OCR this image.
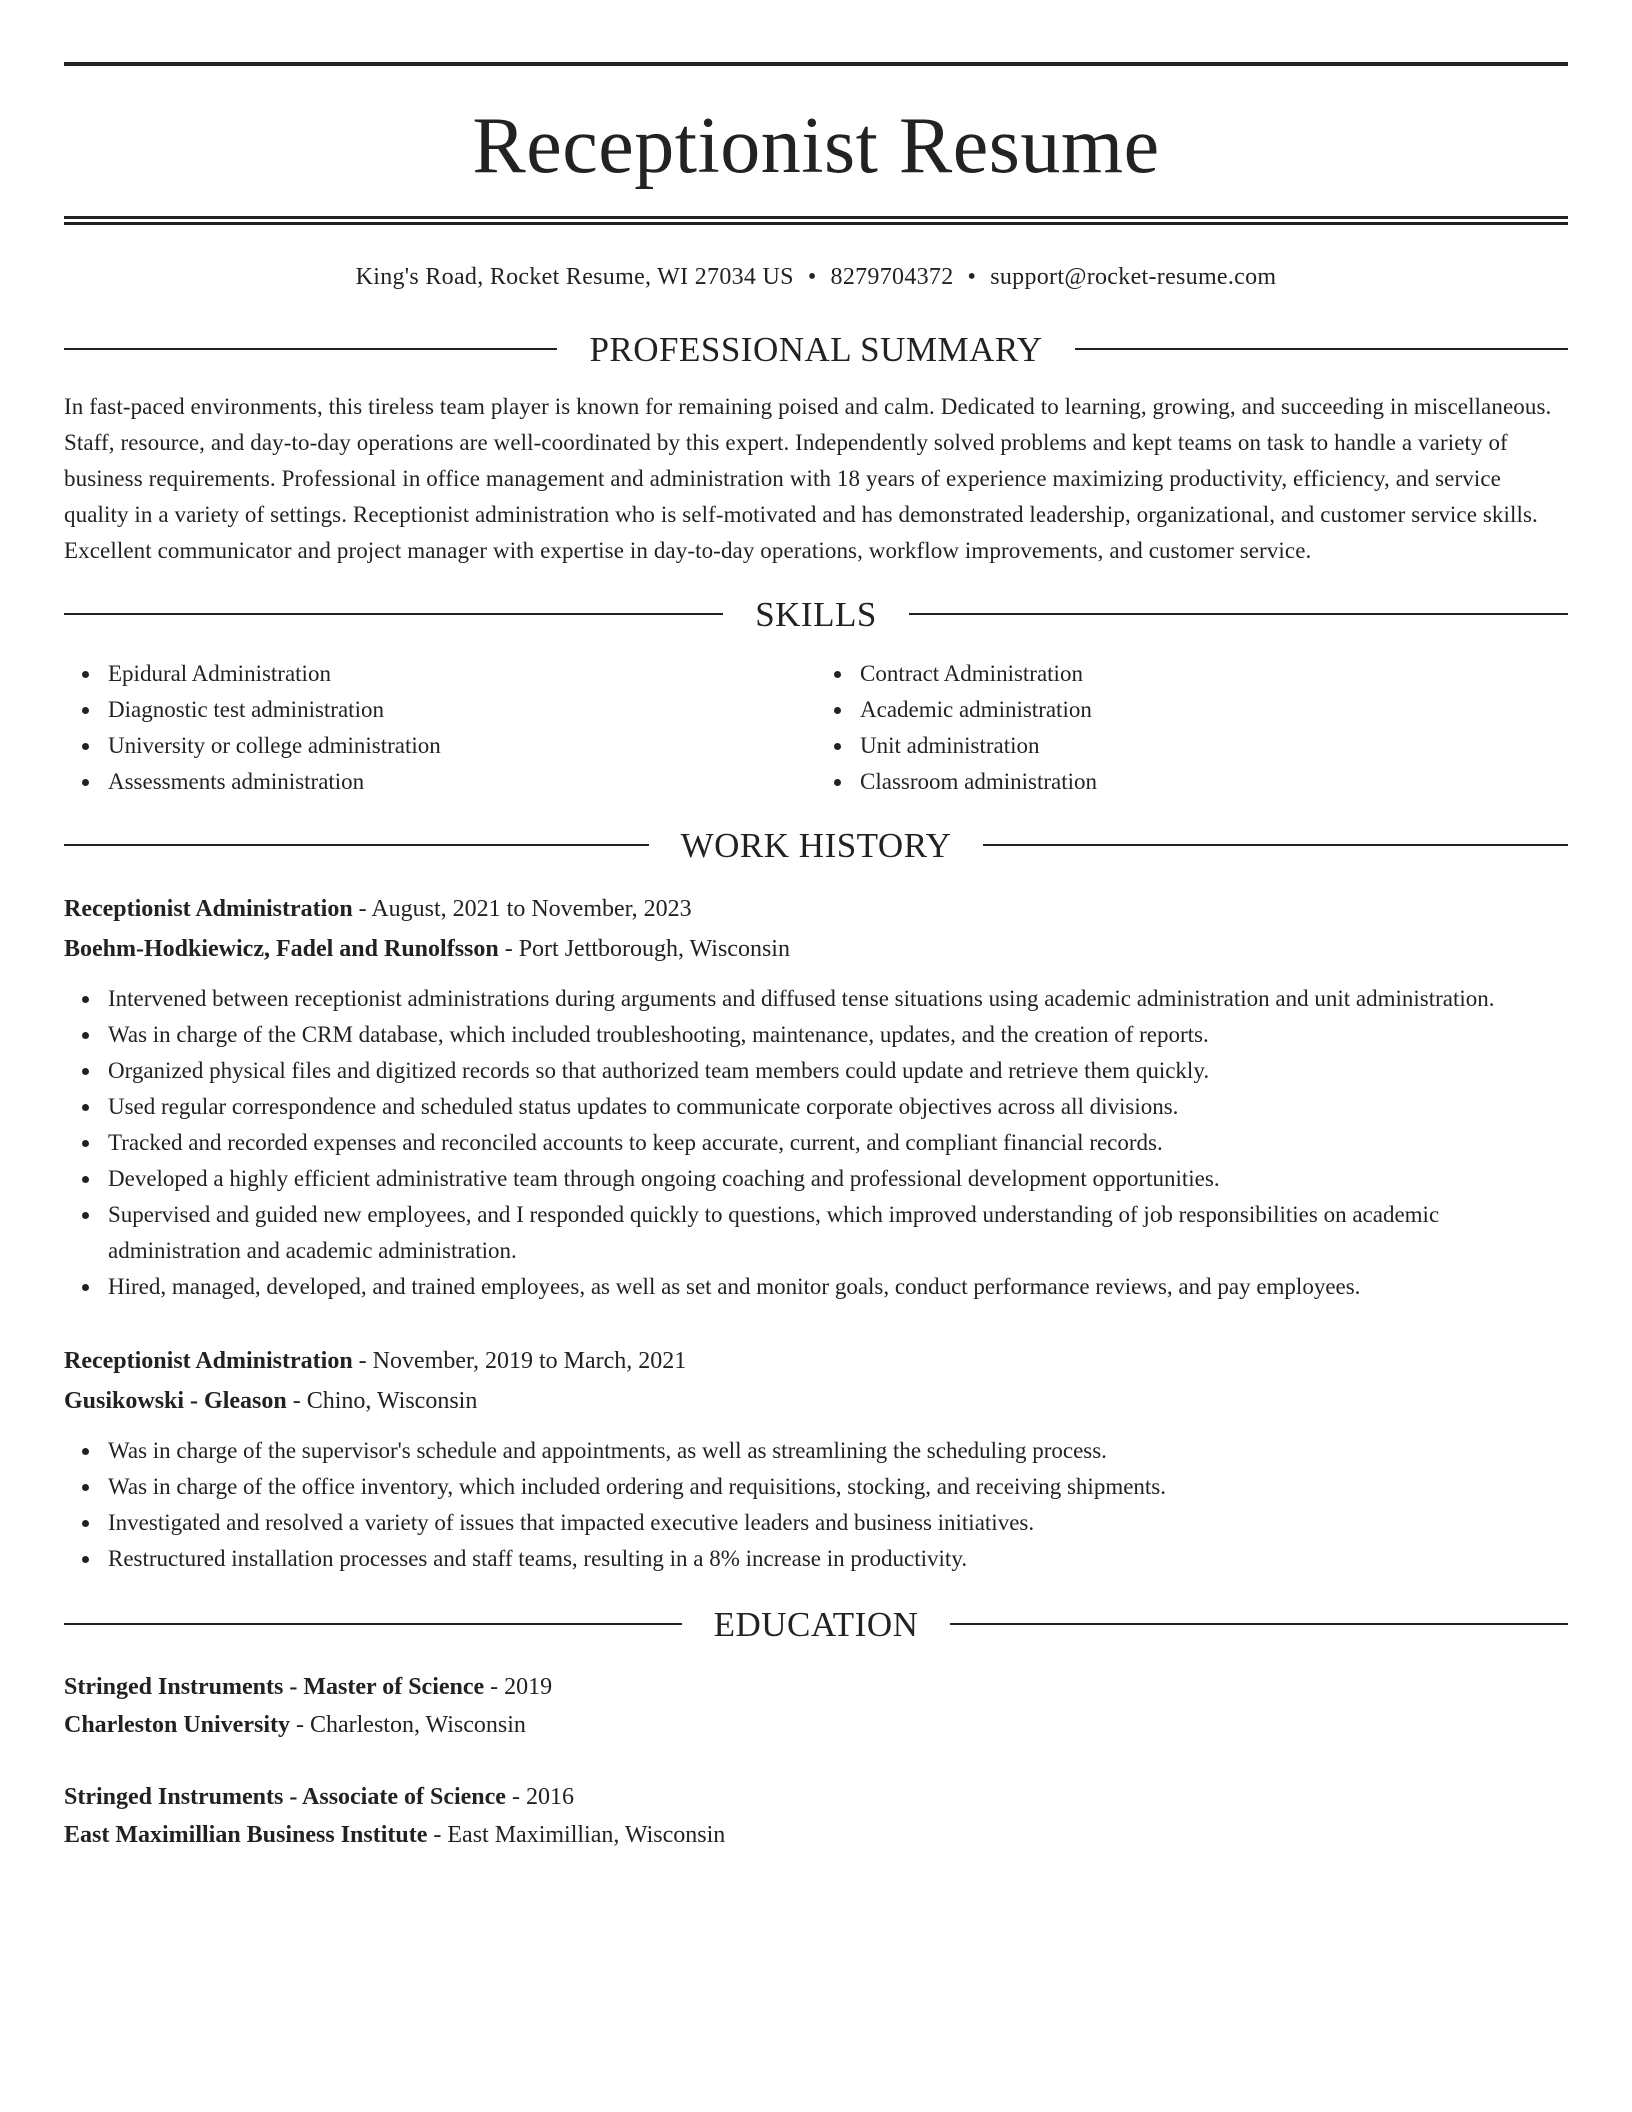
Receptionist Resume
King's Road, Rocket Resume, WI 27034 US • 8279704372 • support@rocket-resume.com
PROFESSIONAL SUMMARY

In fast-paced environments, this tireless team player is known for remaining poised and calm. Dedicated to learning, growing, and succeeding in miscellaneous. Staff, resource, and day-to-day operations are well-coordinated by this expert. Independently solved problems and kept teams on task to handle a variety of business requirements. Professional in office management and administration with 18 years of experience maximizing productivity, efficiency, and service quality in a variety of settings. Receptionist administration who is self-motivated and has demonstrated leadership, organizational, and customer service skills. Excellent communicator and project manager with expertise in day-to-day operations, workflow improvements, and customer service.

SKILLS
Epidural Administration
Diagnostic test administration
University or college administration
Assessments administration
Contract Administration
Academic administration
Unit administration
Classroom administration
WORK HISTORY
Receptionist Administration - August, 2021 to November, 2023
Boehm-Hodkiewicz, Fadel and Runolfsson - Port Jettborough, Wisconsin
Intervened between receptionist administrations during arguments and diffused tense situations using academic administration and unit administration.
Was in charge of the CRM database, which included troubleshooting, maintenance, updates, and the creation of reports.
Organized physical files and digitized records so that authorized team members could update and retrieve them quickly.
Used regular correspondence and scheduled status updates to communicate corporate objectives across all divisions.
Tracked and recorded expenses and reconciled accounts to keep accurate, current, and compliant financial records.
Developed a highly efficient administrative team through ongoing coaching and professional development opportunities.
Supervised and guided new employees, and I responded quickly to questions, which improved understanding of job responsibilities on academic administration and academic administration.
Hired, managed, developed, and trained employees, as well as set and monitor goals, conduct performance reviews, and pay employees.
Receptionist Administration - November, 2019 to March, 2021
Gusikowski - Gleason - Chino, Wisconsin
Was in charge of the supervisor's schedule and appointments, as well as streamlining the scheduling process.
Was in charge of the office inventory, which included ordering and requisitions, stocking, and receiving shipments.
Investigated and resolved a variety of issues that impacted executive leaders and business initiatives.
Restructured installation processes and staff teams, resulting in a 8% increase in productivity.
EDUCATION
Stringed Instruments - Master of Science - 2019
Charleston University - Charleston, Wisconsin
Stringed Instruments - Associate of Science - 2016
East Maximillian Business Institute - East Maximillian, Wisconsin
